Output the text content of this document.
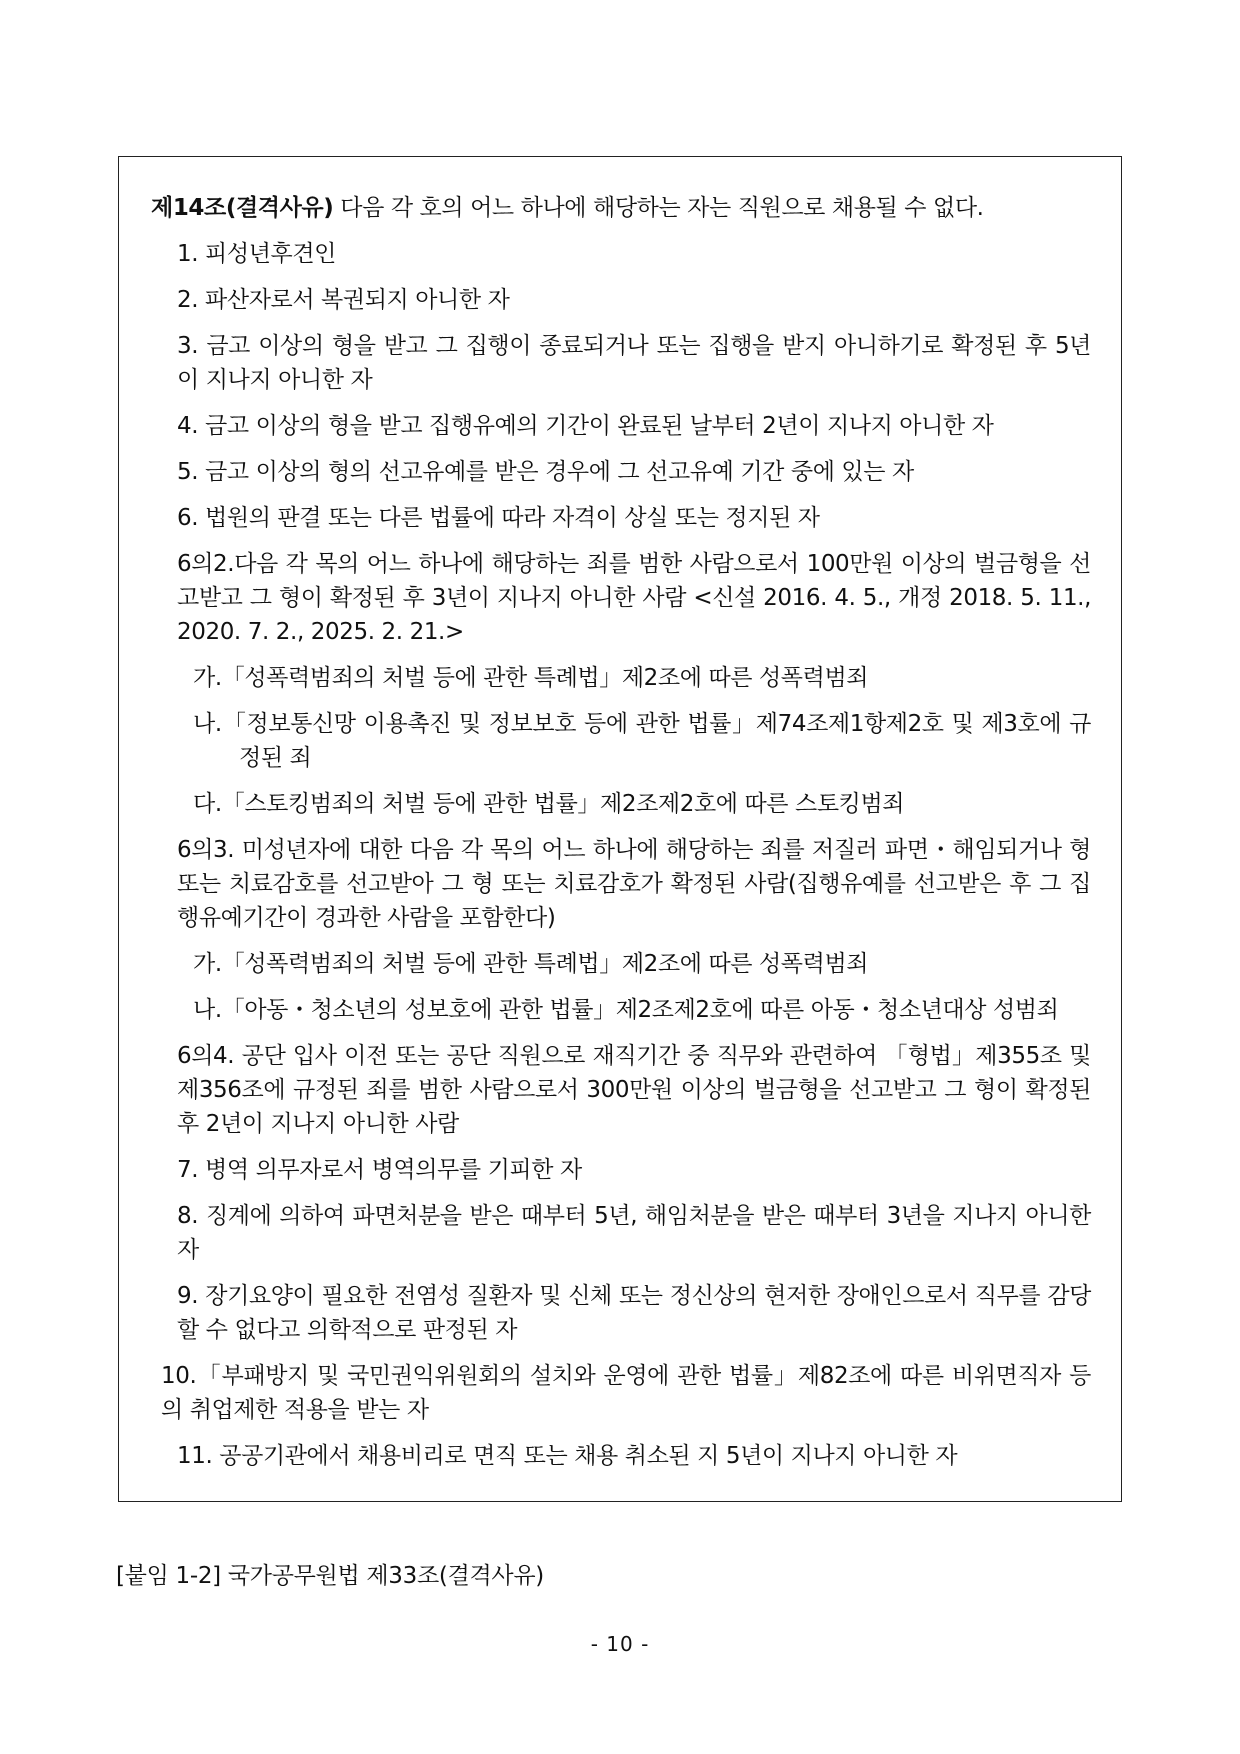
제14조(결격사유) 다음 각 호의 어느 하나에 해당하는 자는 직원으로 채용될 수 없다.

1. 피성년후견인

2. 파산자로서 복권되지 아니한 자

3. 금고 이상의 형을 받고 그 집행이 종료되거나 또는 집행을 받지 아니하기로 확정된 후 5년이 지나지 아니한 자

4. 금고 이상의 형을 받고 집행유예의 기간이 완료된 날부터 2년이 지나지 아니한 자

5. 금고 이상의 형의 선고유예를 받은 경우에 그 선고유예 기간 중에 있는 자

6. 법원의 판결 또는 다른 법률에 따라 자격이 상실 또는 정지된 자

6의2.다음 각 목의 어느 하나에 해당하는 죄를 범한 사람으로서 100만원 이상의 벌금형을 선고받고 그 형이 확정된 후 3년이 지나지 아니한 사람 <신설 2016. 4. 5., 개정 2018. 5. 11., 2020. 7. 2., 2025. 2. 21.>

가.「성폭력범죄의 처벌 등에 관한 특례법」제2조에 따른 성폭력범죄

나.「정보통신망 이용촉진 및 정보보호 등에 관한 법률」제74조제1항제2호 및 제3호에 규정된 죄

다.「스토킹범죄의 처벌 등에 관한 법률」제2조제2호에 따른 스토킹범죄

6의3. 미성년자에 대한 다음 각 목의 어느 하나에 해당하는 죄를 저질러 파면・해임되거나 형 또는 치료감호를 선고받아 그 형 또는 치료감호가 확정된 사람(집행유예를 선고받은 후 그 집행유예기간이 경과한 사람을 포함한다)

가.「성폭력범죄의 처벌 등에 관한 특례법」제2조에 따른 성폭력범죄

나.「아동・청소년의 성보호에 관한 법률」제2조제2호에 따른 아동・청소년대상 성범죄

6의4. 공단 입사 이전 또는 공단 직원으로 재직기간 중 직무와 관련하여 「형법」제355조 및 제356조에 규정된 죄를 범한 사람으로서 300만원 이상의 벌금형을 선고받고 그 형이 확정된 후 2년이 지나지 아니한 사람

7. 병역 의무자로서 병역의무를 기피한 자

8. 징계에 의하여 파면처분을 받은 때부터 5년, 해임처분을 받은 때부터 3년을 지나지 아니한 자

9. 장기요양이 필요한 전염성 질환자 및 신체 또는 정신상의 현저한 장애인으로서 직무를 감당할 수 없다고 의학적으로 판정된 자

10.「부패방지 및 국민권익위원회의 설치와 운영에 관한 법률」제82조에 따른 비위면직자 등의 취업제한 적용을 받는 자

11. 공공기관에서 채용비리로 면직 또는 채용 취소된 지 5년이 지나지 아니한 자

[붙임 1-2] 국가공무원법 제33조(결격사유)
- 10 -
